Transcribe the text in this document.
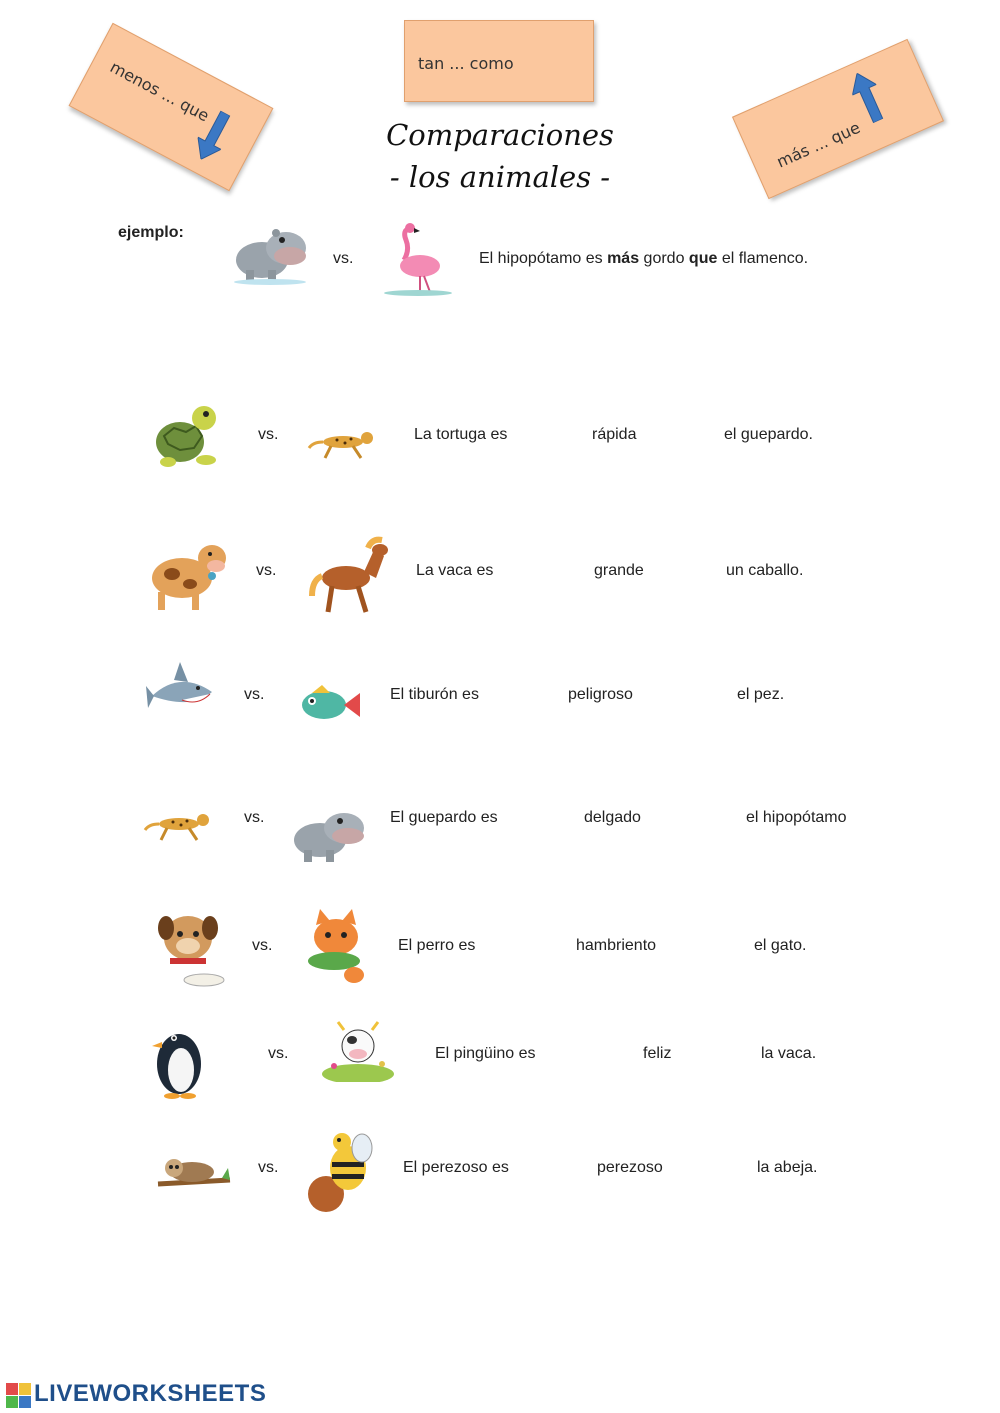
menos ... que	tan ... como
más ... que
Comparaciones
- los animales -
ejemplo:
vs.	El hipopótamo es más gordo que el flamenco.
vs.	La tortuga es	rápida	el guepardo.
vs.	La vaca es	grande	un caballo.
vs.	El tiburón es	peligroso	el pez.
vs.	El guepardo es	delgado	el hipopótamo
vs.	El perro es	hambriento	el gato.
vs.	El pingüino es	feliz	la vaca.
vs.	El perezoso es	perezoso	la abeja.
LIVEWORKSHEETS
